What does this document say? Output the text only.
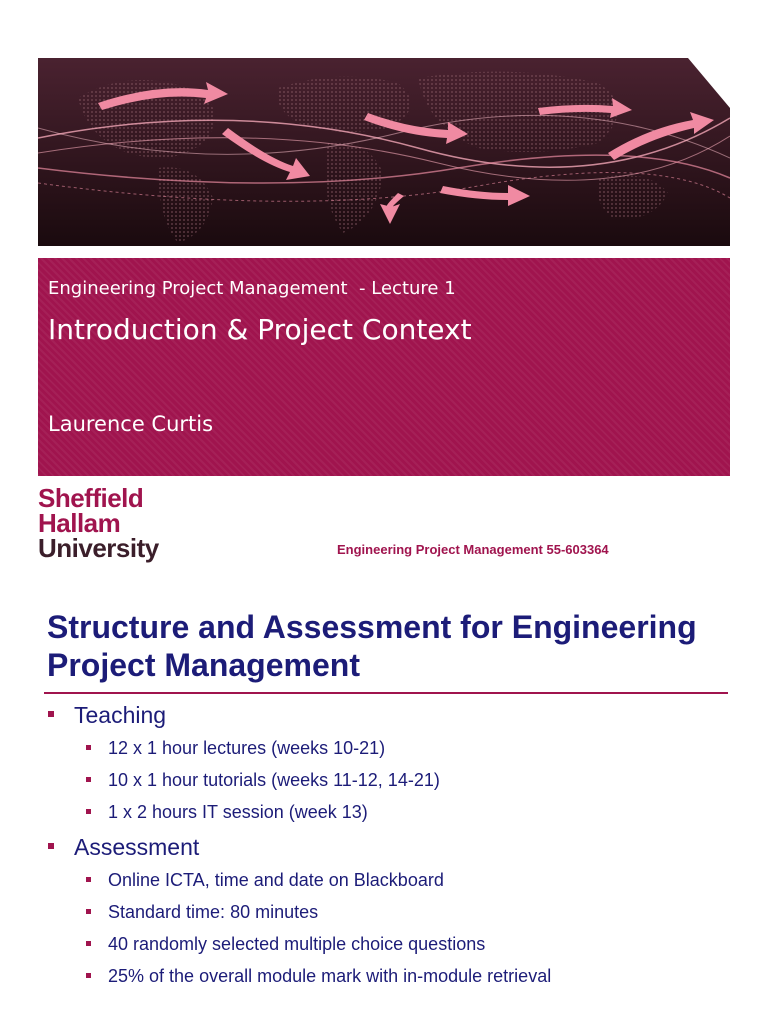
Engineering Project Management  - Lecture 1
Introduction & Project Context
Laurence Curtis
Sheffield
Hallam
University	Engineering Project Management 55-603364
Structure and Assessment for Engineering Project Management
Teaching
12 x 1 hour lectures (weeks 10-21)
10 x 1 hour tutorials (weeks 11-12, 14-21)
1 x 2 hours IT session (week 13)
Assessment
Online ICTA, time and date on Blackboard
Standard time: 80 minutes
40 randomly selected multiple choice questions
25% of the overall module mark with in-module retrieval
